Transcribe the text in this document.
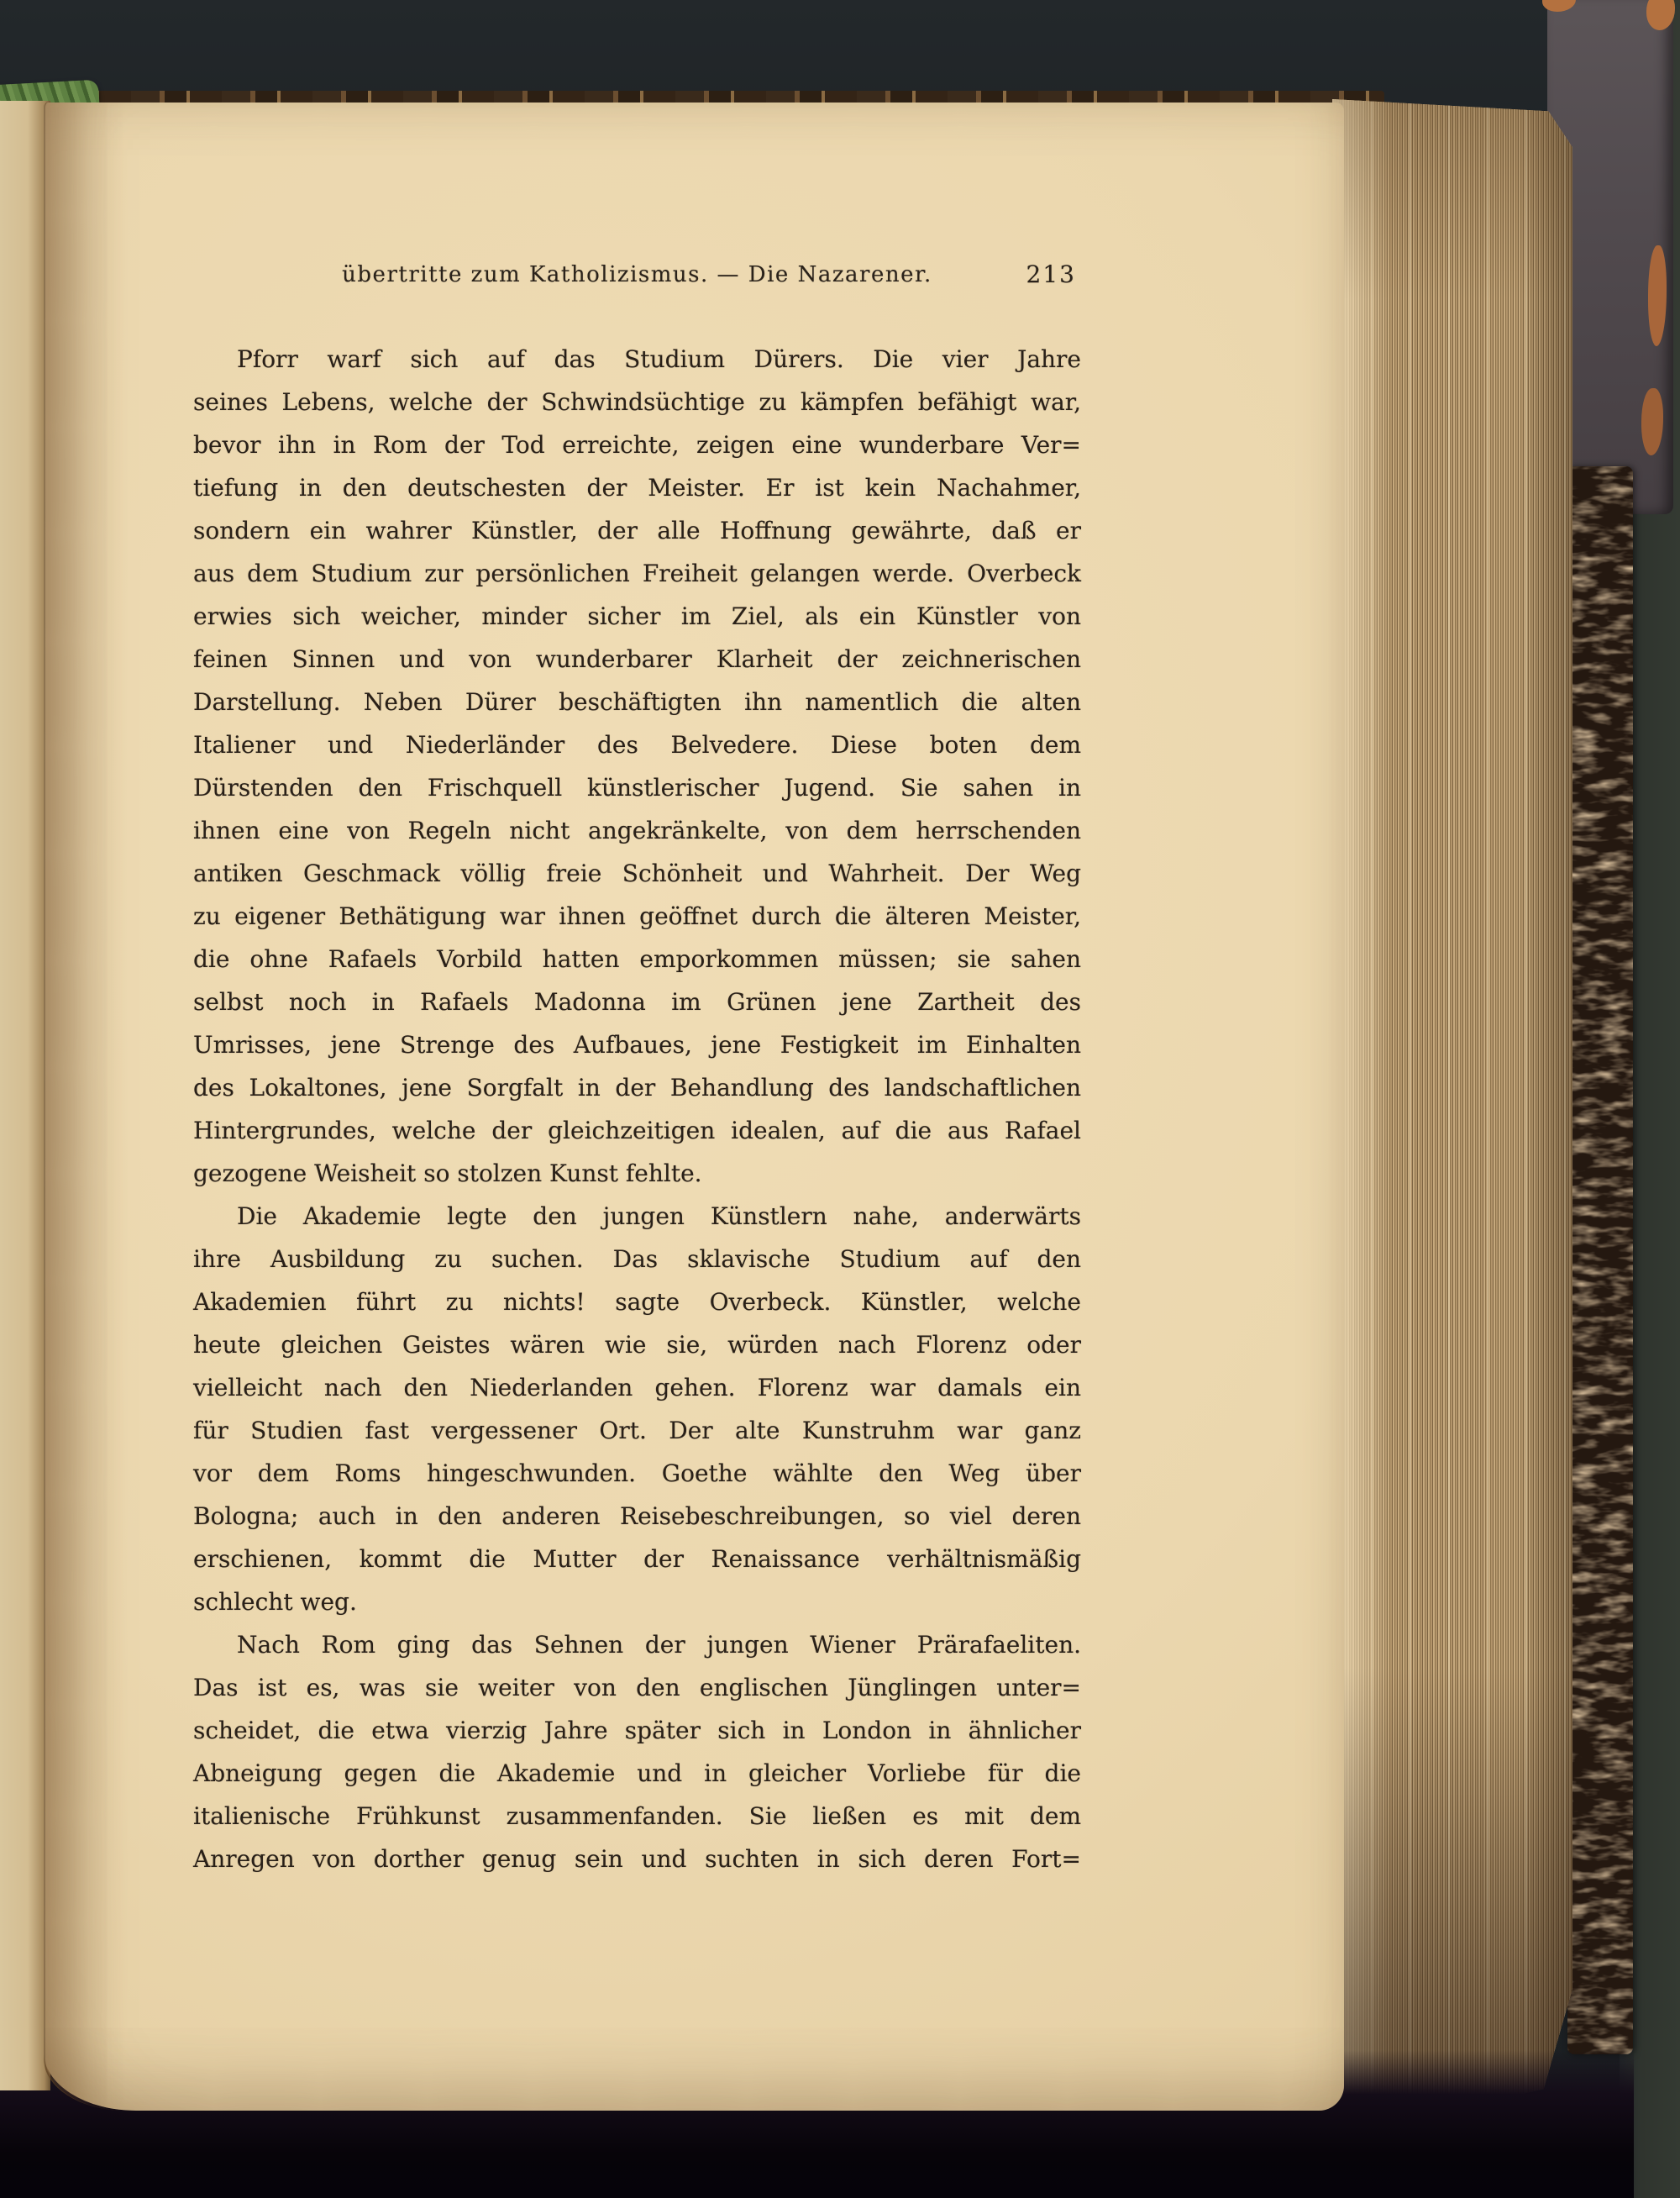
übertritte zum Katholizismus. — Die Nazarener.	213
Pforr warf sich auf das Studium Dürers. Die vier Jahre
seines Lebens, welche der Schwindsüchtige zu kämpfen befähigt war,
bevor ihn in Rom der Tod erreichte, zeigen eine wunderbare Ver=
tiefung in den deutschesten der Meister. Er ist kein Nachahmer,
sondern ein wahrer Künstler, der alle Hoffnung gewährte, daß er
aus dem Studium zur persönlichen Freiheit gelangen werde. Overbeck
erwies sich weicher, minder sicher im Ziel, als ein Künstler von
feinen Sinnen und von wunderbarer Klarheit der zeichnerischen
Darstellung. Neben Dürer beschäftigten ihn namentlich die alten
Italiener und Niederländer des Belvedere. Diese boten dem
Dürstenden den Frischquell künstlerischer Jugend. Sie sahen in
ihnen eine von Regeln nicht angekränkelte, von dem herrschenden
antiken Geschmack völlig freie Schönheit und Wahrheit. Der Weg
zu eigener Bethätigung war ihnen geöffnet durch die älteren Meister,
die ohne Rafaels Vorbild hatten emporkommen müssen; sie sahen
selbst noch in Rafaels Madonna im Grünen jene Zartheit des
Umrisses, jene Strenge des Aufbaues, jene Festigkeit im Einhalten
des Lokaltones, jene Sorgfalt in der Behandlung des landschaftlichen
Hintergrundes, welche der gleichzeitigen idealen, auf die aus Rafael
gezogene Weisheit so stolzen Kunst fehlte.
Die Akademie legte den jungen Künstlern nahe, anderwärts
ihre Ausbildung zu suchen. Das sklavische Studium auf den
Akademien führt zu nichts! sagte Overbeck. Künstler, welche
heute gleichen Geistes wären wie sie, würden nach Florenz oder
vielleicht nach den Niederlanden gehen. Florenz war damals ein
für Studien fast vergessener Ort. Der alte Kunstruhm war ganz
vor dem Roms hingeschwunden. Goethe wählte den Weg über
Bologna; auch in den anderen Reisebeschreibungen, so viel deren
erschienen, kommt die Mutter der Renaissance verhältnismäßig
schlecht weg.
Nach Rom ging das Sehnen der jungen Wiener Prärafaeliten.
Das ist es, was sie weiter von den englischen Jünglingen unter=
scheidet, die etwa vierzig Jahre später sich in London in ähnlicher
Abneigung gegen die Akademie und in gleicher Vorliebe für die
italienische Frühkunst zusammenfanden. Sie ließen es mit dem
Anregen von dorther genug sein und suchten in sich deren Fort=
